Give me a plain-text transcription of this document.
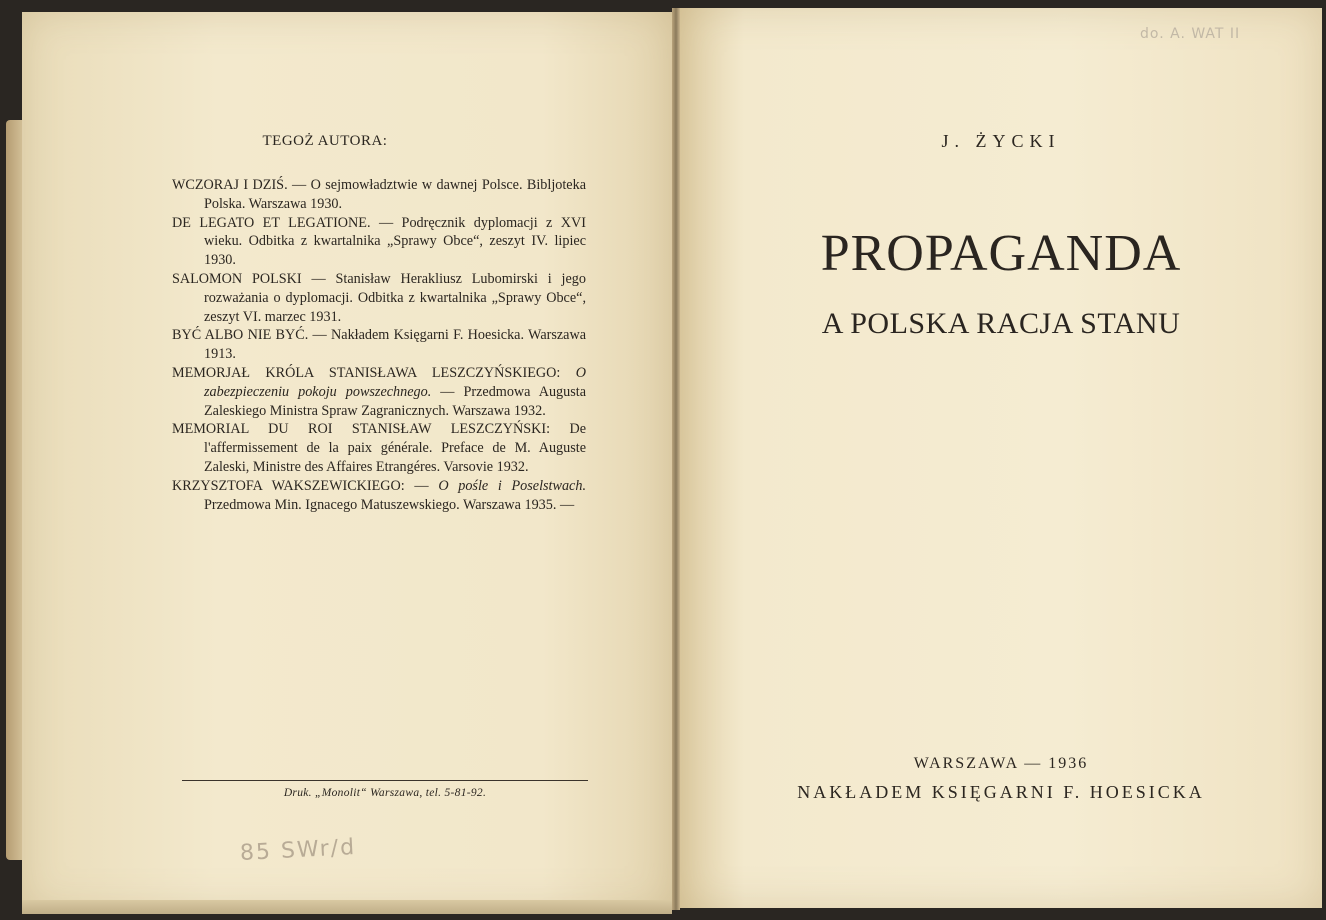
TEGOŻ AUTORA:
WCZORAJ I DZIŚ. — O sejmowładztwie w dawnej Polsce. Bibljoteka Polska. Warszawa 1930.
DE LEGATO ET LEGATIONE. — Podręcznik dyplomacji z XVI wieku. Odbitka z kwartalnika „Sprawy Obce“, zeszyt IV. lipiec 1930.
SALOMON POLSKI — Stanisław Herakliusz Lubomirski i jego rozważania o dyplomacji. Odbitka z kwartalnika „Sprawy Obce“, zeszyt VI. marzec 1931.
BYĆ ALBO NIE BYĆ. — Nakładem Księgarni F. Hoesicka. Warszawa 1913.
MEMORJAŁ KRÓLA STANISŁAWA LESZCZYŃSKIEGO: O zabezpieczeniu pokoju powszechnego. — Przedmowa Augusta Zaleskiego Ministra Spraw Zagranicznych. Warszawa 1932.
MEMORIAL DU ROI STANISŁAW LESZCZYŃSKI: De l'affermissement de la paix générale. Preface de M. Auguste Zaleski, Ministre des Affaires Etrangéres. Varsovie 1932.
KRZYSZTOFA WAKSZEWICKIEGO: — O pośle i Poselstwach. Przedmowa Min. Ignacego Matuszewskiego. Warszawa 1935. —
Druk. „Monolit“ Warszawa, tel. 5-81-92.
85 SWr/d
do. A. WAT II
J. ŻYCKI
PROPAGANDA
A POLSKA RACJA STANU
WARSZAWA — 1936
NAKŁADEM KSIĘGARNI F. HOESICKA
